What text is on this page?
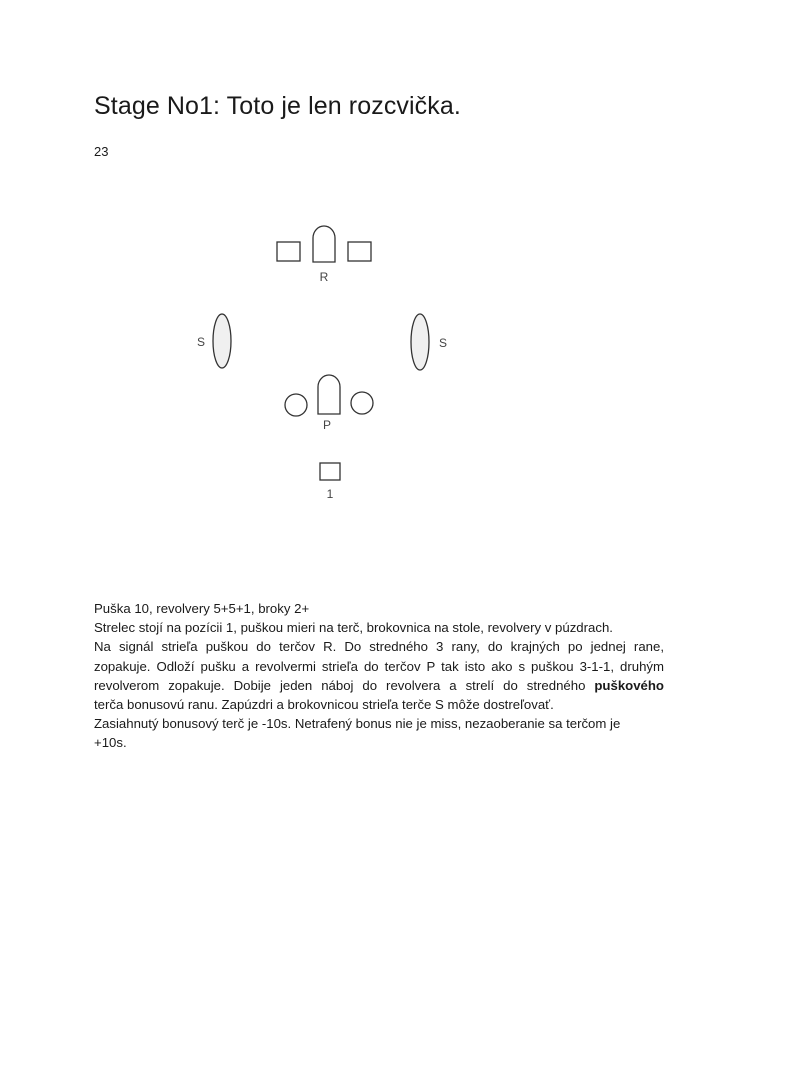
Stage No1: Toto je len rozcvička.
23
R
S	S
P
1
Puška 10, revolvery 5+5+1, broky 2+
Strelec stojí na pozícii 1, puškou mieri na terč, brokovnica na stole, revolvery v púzdrach.
Na signál strieľa puškou do terčov R. Do stredného 3 rany, do krajných po jednej rane,
zopakuje. Odloží pušku a revolvermi strieľa do terčov P tak isto ako s puškou 3-1-1, druhým
revolverom zopakuje. Dobije jeden náboj do revolvera a strelí do stredného puškového
terča bonusovú ranu. Zapúzdri a brokovnicou strieľa terče S môže dostreľovať.
Zasiahnutý bonusový terč je -10s. Netrafený bonus nie je miss, nezaoberanie sa terčom je
+10s.
